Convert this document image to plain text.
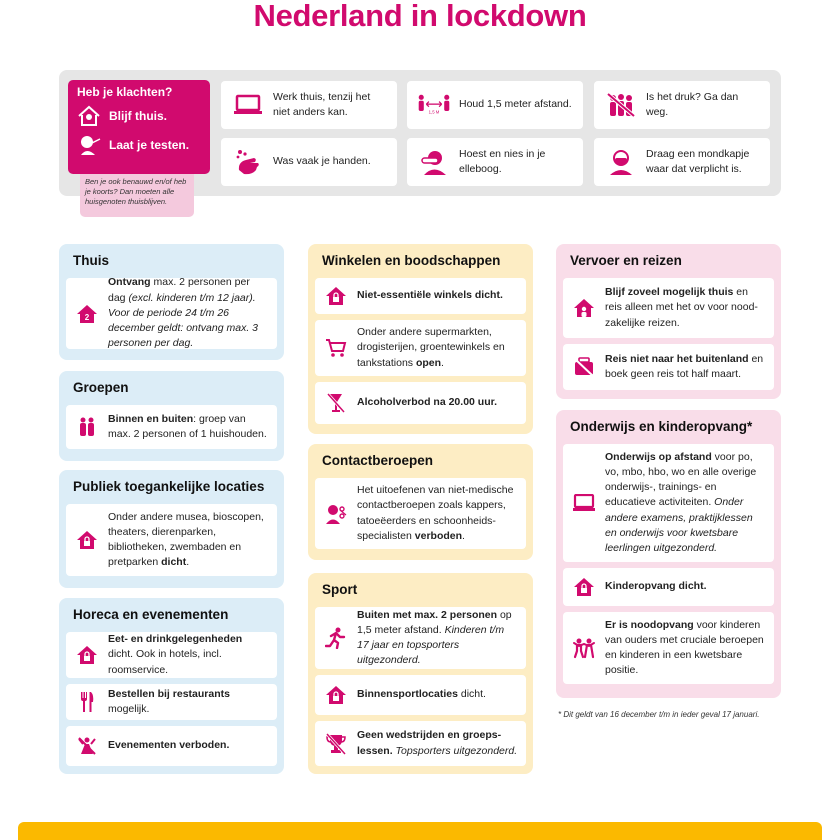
Nederland in lockdown
Heb je klachten?
Blijf thuis.
Laat je testen.
Ben je ook benauwd en/of heb je koorts? Dan moeten alle huisgenoten thuisblijven.
Werk thuis, tenzij het niet anders kan.	1,5 M
Houd 1,5 meter afstand.
Is het druk? Ga dan weg.
Was vaak je handen.
Hoest en nies in je elleboog.
Draag een mondkapje waar dat verplicht is.
Thuis
2
Ontvang max. 2 personen per dag (excl. kinderen t/m 12 jaar). Voor de periode 24 t/m 26 december geldt: ontvang max. 3 personen per dag.
Groepen
Binnen en buiten: groep van max. 2 personen of 1 huishouden.
Publiek toegankelijke locaties
Onder andere musea, bioscopen, theaters, dierenparken, bibliotheken, zwembaden en pretparken dicht.
Horeca en evenementen
Eet- en drinkgelegenheden dicht. Ook in hotels, incl. roomservice.
Bestellen bij restaurants mogelijk.
Evenementen verboden.
Winkelen en boodschappen
Niet-essentiële winkels dicht.
Onder andere supermarkten, drogisterijen, groentewinkels en tankstations open.
Alcoholverbod na 20.00 uur.
Contactberoepen
Het uitoefenen van niet-medische contactberoepen zoals kappers, tatoeëerders en schoonheids-specialisten verboden.
Sport
Buiten met max. 2 personen op 1,5 meter afstand. Kinderen t/m 17 jaar en topsporters uitgezonderd.
Binnensportlocaties dicht.
Geen wedstrijden en groeps-lessen. Topsporters uitgezonderd.
Vervoer en reizen
Blijf zoveel mogelijk thuis en reis alleen met het ov voor nood-zakelijke reizen.
Reis niet naar het buitenland en boek geen reis tot half maart.
Onderwijs en kinderopvang*
Onderwijs op afstand voor po, vo, mbo, hbo, wo en alle overige onderwijs-, trainings- en educatieve activiteiten. Onder andere examens, praktijklessen en onderwijs voor kwetsbare leerlingen uitgezonderd.
Kinderopvang dicht.
Er is noodopvang voor kinderen van ouders met cruciale beroepen en kinderen in een kwetsbare positie.
* Dit geldt van 16 december t/m in ieder geval 17 januari.
